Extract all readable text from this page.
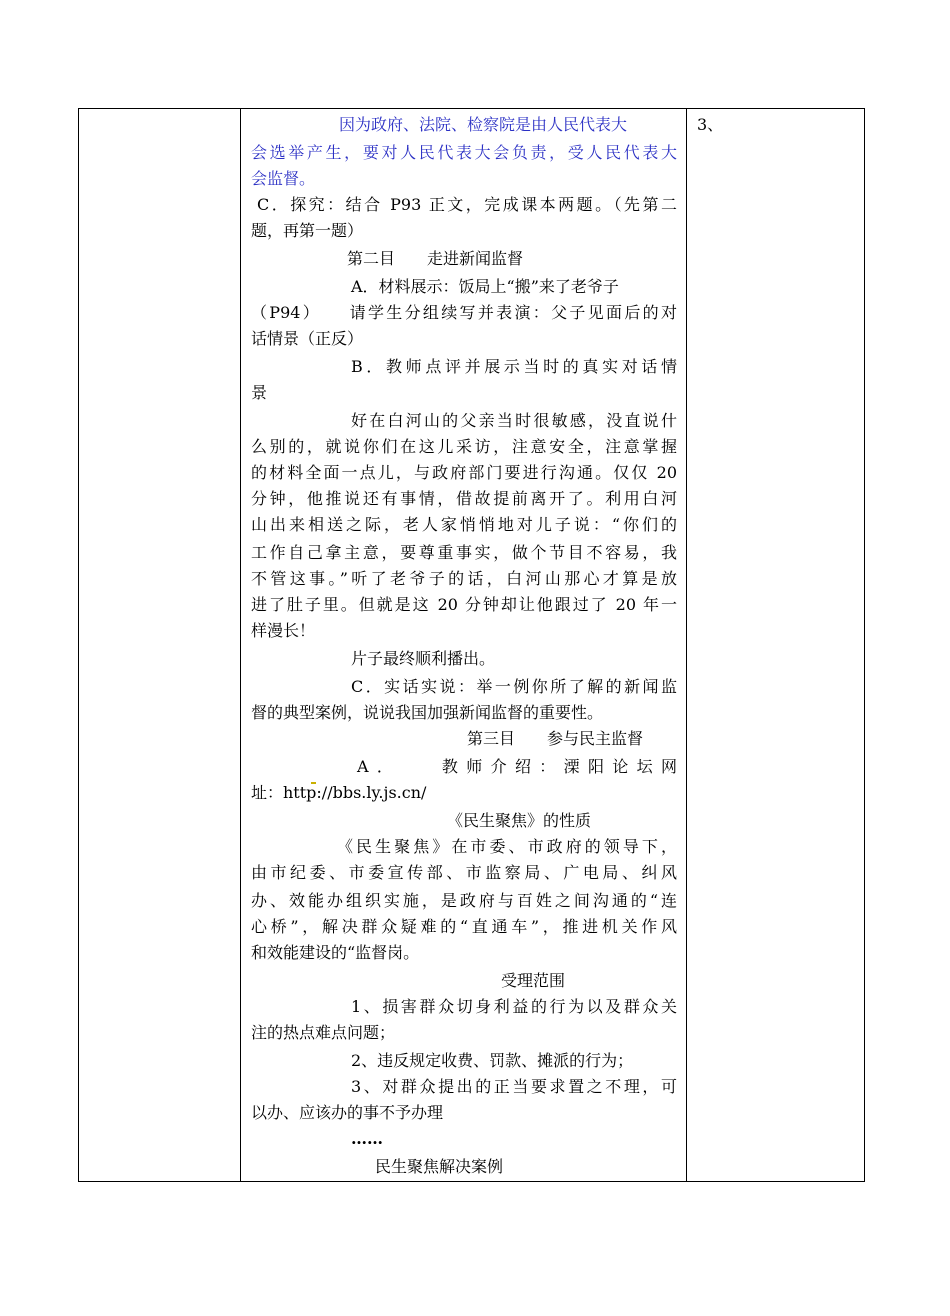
因为政府、法院、检察院是由人民代表大
会选举产生，要对人民代表大会负责，受人民代表大
会监督。
C．探究：结合 P93 正文，完成课本两题。（先第二
题，再第一题）
第二目　　走进新闻监督
A．材料展示：饭局上“搬”来了老爷子
（P94）　　请学生分组续写并表演：父子见面后的对
话情景（正反）
B．教师点评并展示当时的真实对话情
景
好在白河山的父亲当时很敏感，没直说什
么别的，就说你们在这儿采访，注意安全，注意掌握
的材料全面一点儿，与政府部门要进行沟通。仅仅 20
分钟，他推说还有事情，借故提前离开了。利用白河
山出来相送之际，老人家悄悄地对儿子说：“你们的
工作自己拿主意，要尊重事实，做个节目不容易，我
不管这事。”听了老爷子的话，白河山那心才算是放
进了肚子里。但就是这 20 分钟却让他跟过了 20 年一
样漫长！
片子最终顺利播出。
C．实话实说：举一例你所了解的新闻监
督的典型案例，说说我国加强新闻监督的重要性。
第三目　　参与民主监督
A．　　教师介绍：溧阳论坛网
址：http://bbs.ly.js.cn/
《民生聚焦》的性质
《民生聚焦》在市委、市政府的领导下，
由市纪委、市委宣传部、市监察局、广电局、纠风
办、效能办组织实施，是政府与百姓之间沟通的“连
心桥”，解决群众疑难的“直通车”，推进机关作风
和效能建设的“监督岗。
受理范围
1、损害群众切身利益的行为以及群众关
注的热点难点问题；
2、违反规定收费、罚款、摊派的行为；
3、对群众提出的正当要求置之不理，可
以办、应该办的事不予办理
……
民生聚焦解决案例
3、
